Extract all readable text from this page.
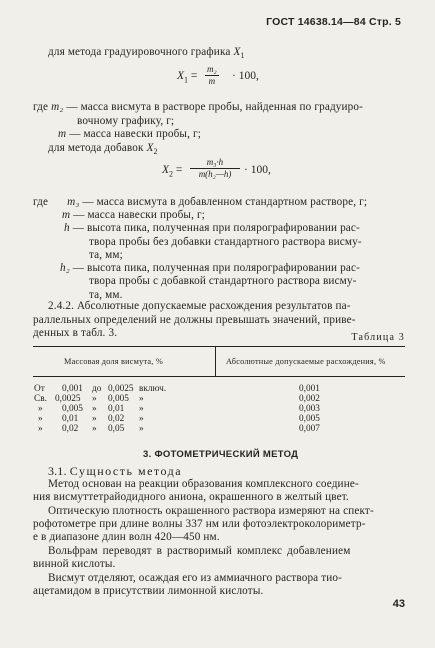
ГОСТ 14638.14—84 Стр. 5
для метода градуировочного графика $X_1$
$X_1 = \frac{\text{m₂}}{m} \cdot 100$,
где m₂ — масса висмута в растворе пробы, найденная по градуиро-
вочному графику, г;
m — масса навески пробы, г;
для метода добавок $X_2$
$X_2 = \frac{\text{m₃·h}}{\text{m(h₂—h)}} \cdot 100$,
где m₃ — масса висмута в добавленном стандартном растворе, г;
m — масса навески пробы, г;
h — высота пика, полученная при полярографировании рас-
твора пробы без добавки стандартного раствора висму-
та, мм;
h₂ — высота пика, полученная при полярографировании рас-
твора пробы с добавкой стандартного раствора висму-
та, мм.
2.4.2. Абсолютные допускаемые расхождения результатов па-
раллельных определений не должны превышать значений, приве-
денных в табл. 3.	Таблица 3
Массовая доля висмута, %	Абсолютные допускаемые расхождения, %
От 0,001 до 0,0025 включ.	0,001
Св. 0,0025 » 0,005 »	0,002
» 0,005 » 0,01 »	0,003
» 0,01 » 0,02 »	0,005
» 0,02 » 0,05 »	0,007
3. ФОТОМЕТРИЧЕСКИЙ МЕТОД
3.1. Сущность метода
Метод основан на реакции образования комплексного соедине-
ния висмуттетрайодидного аниона, окрашенного в желтый цвет.
Оптическую плотность окрашенного раствора измеряют на спект-
рофотометре при длине волны 337 нм или фотоэлектроколориметр-
е в диапазоне длин волн 420—450 нм.
Вольфрам переводят в растворимый комплекс добавлением
винной кислоты.
Висмут отделяют, осаждая его из аммиачного раствора тио-
ацетамидом в присутствии лимонной кислоты.
43
